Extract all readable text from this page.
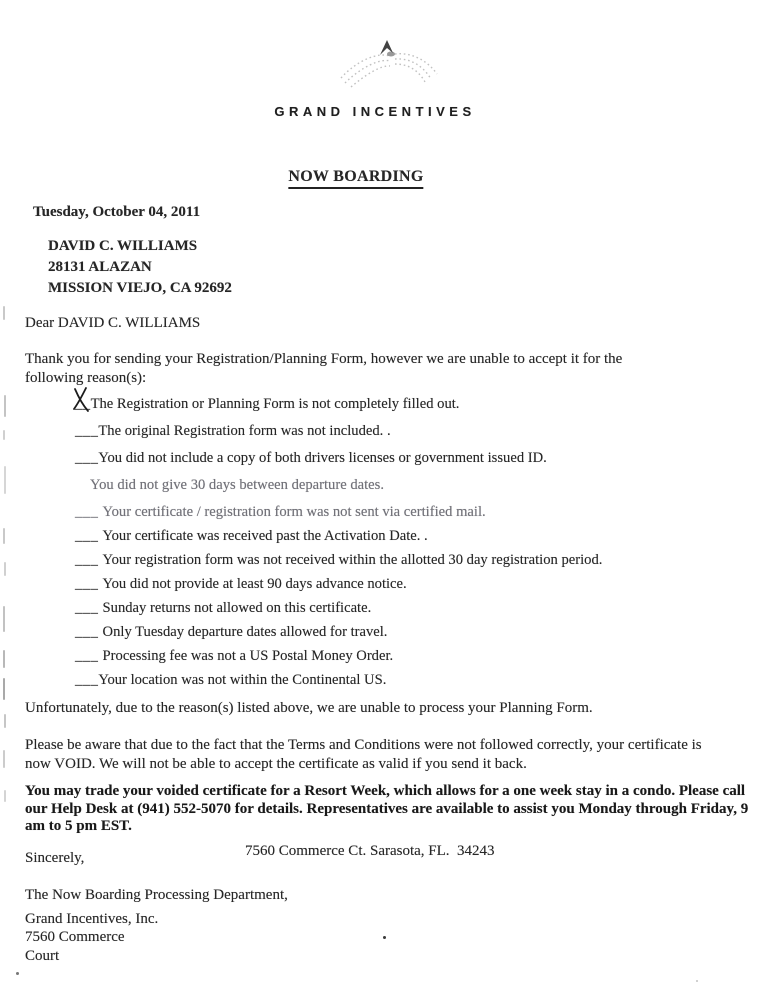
GRAND INCENTIVES
NOW BOARDING
Tuesday, October 04, 2011
DAVID C. WILLIAMS
28131 ALAZAN
MISSION VIEJO, CA 92692
Dear DAVID C. WILLIAMS

Thank you for sending your Registration/Planning Form, however we are unable to accept it for the following reason(s):

__The Registration or Planning Form is not completely filled out.
___The original Registration form was not included. .
___You did not include a copy of both drivers licenses or government issued ID.
You did not give 30 days between departure dates.
___ Your certificate / registration form was not sent via certified mail.
___ Your certificate was received past the Activation Date. .
___ Your registration form was not received within the allotted 30 day registration period.
___ You did not provide at least 90 days advance notice.
___ Sunday returns not allowed on this certificate.
___ Only Tuesday departure dates allowed for travel.
___ Processing fee was not a US Postal Money Order.
___Your location was not within the Continental US.

Unfortunately, due to the reason(s) listed above, we are unable to process your Planning Form.

Please be aware that due to the fact that the Terms and Conditions were not followed correctly, your certificate is now VOID. We will not be able to accept the certificate as valid if you send it back.

You may trade your voided certificate for a Resort Week, which allows for a one week stay in a condo. Please call our Help Desk at (941) 552-5070 for details. Representatives are available to assist you Monday through Friday, 9 am to 5 pm EST.

Sincerely,	7560 Commerce Ct. Sarasota, FL.  34243
The Now Boarding Processing Department,
Grand Incentives, Inc.
7560 Commerce
Court
